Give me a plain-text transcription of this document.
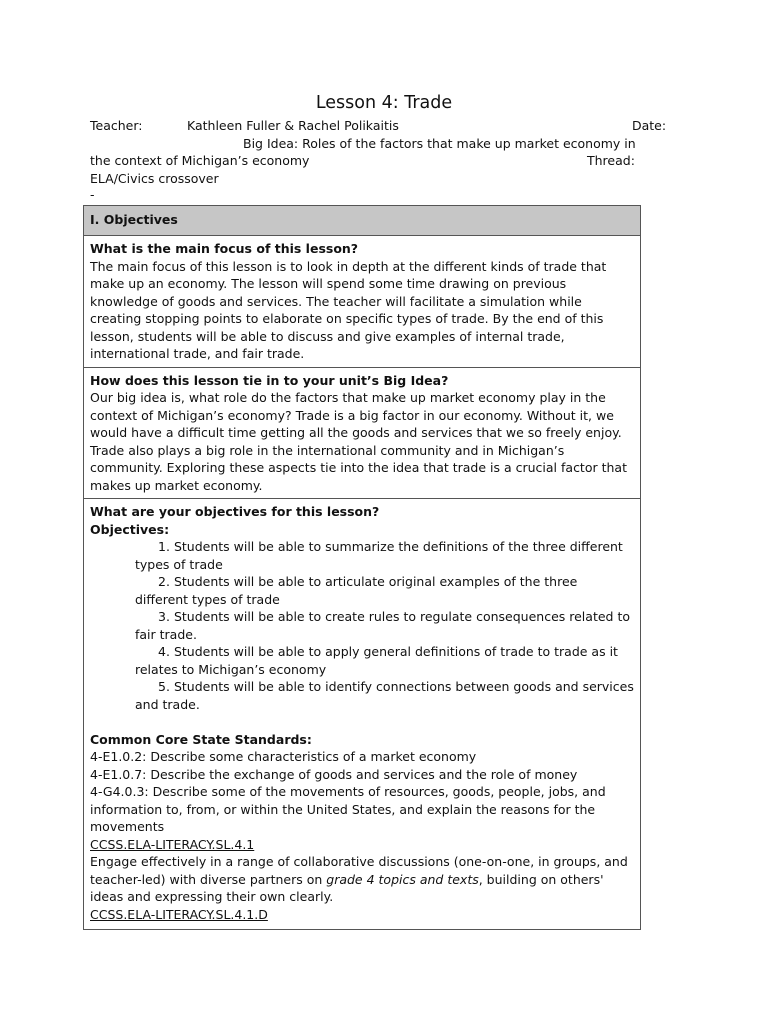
Lesson 4: Trade
Teacher:	Kathleen Fuller & Rachel Polikaitis	Date:
Big Idea: Roles of the factors that make up market economy in
the context of Michigan’s economy	Thread:
ELA/Civics crossover
-
I. Objectives

What is the main focus of this lesson?

The main focus of this lesson is to look in depth at the different kinds of trade that make up an economy. The lesson will spend some time drawing on previous knowledge of goods and services. The teacher will facilitate a simulation while creating stopping points to elaborate on specific types of trade. By the end of this lesson, students will be able to discuss and give examples of internal trade, international trade, and fair trade.

How does this lesson tie in to your unit’s Big Idea?

Our big idea is, what role do the factors that make up market economy play in the context of Michigan’s economy? Trade is a big factor in our economy. Without it, we would have a difficult time getting all the goods and services that we so freely enjoy. Trade also plays a big role in the international community and in Michigan’s community. Exploring these aspects tie into the idea that trade is a crucial factor that makes up market economy.

What are your objectives for this lesson?

Objectives:

1. Students will be able to summarize the definitions of the three different types of trade
2. Students will be able to articulate original examples of the three different types of trade
3. Students will be able to create rules to regulate consequences related to fair trade.
4. Students will be able to apply general definitions of trade to trade as it relates to Michigan’s economy
5. Students will be able to identify connections between goods and services and trade.

Common Core State Standards:

4-E1.0.2: Describe some characteristics of a market economy

4-E1.0.7: Describe the exchange of goods and services and the role of money

4-G4.0.3: Describe some of the movements of resources, goods, people, jobs, and information to, from, or within the United States, and explain the reasons for the movements

CCSS.ELA-LITERACY.SL.4.1

Engage effectively in a range of collaborative discussions (one-on-one, in groups, and teacher-led) with diverse partners on grade 4 topics and texts, building on others' ideas and expressing their own clearly.

CCSS.ELA-LITERACY.SL.4.1.D
